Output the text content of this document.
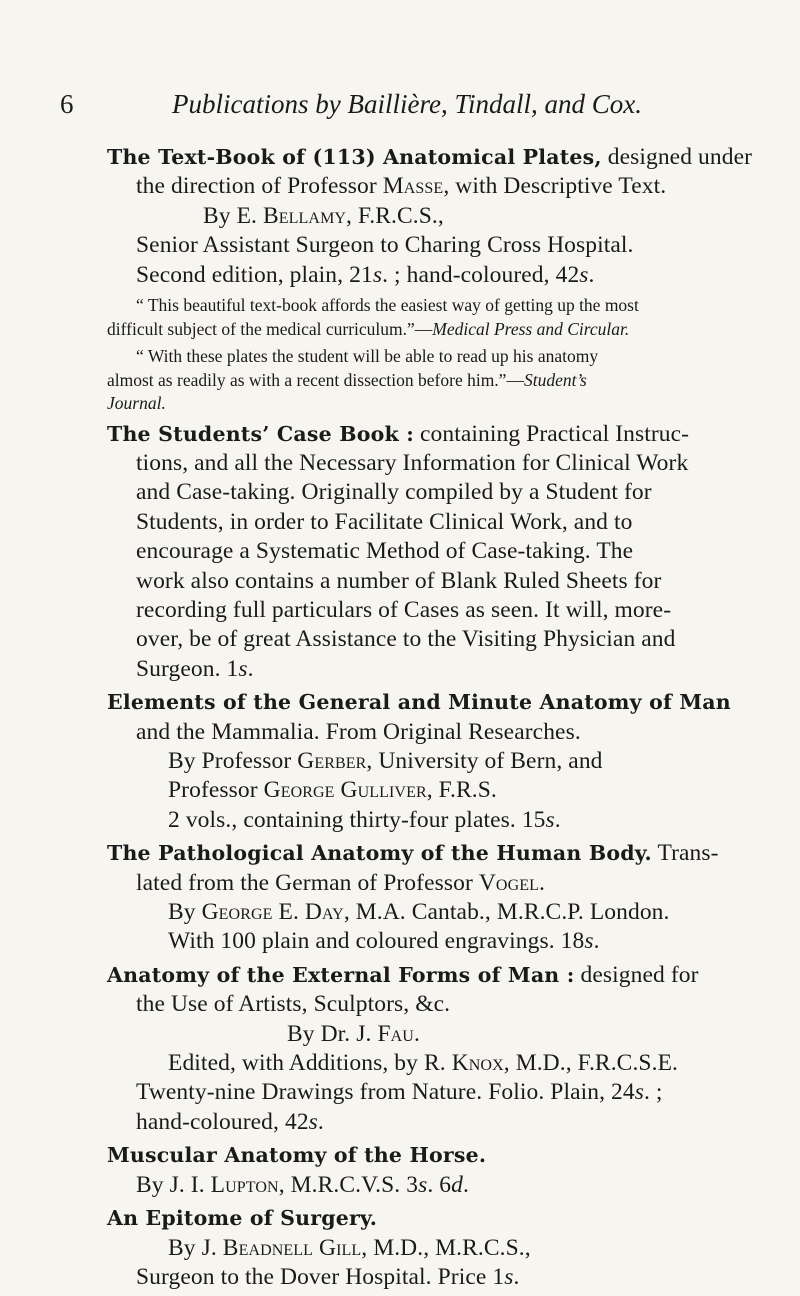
6	Publications by Baillière, Tindall, and Cox.
The Text-Book of (113) Anatomical Plates, designed under
the direction of Professor Masse, with Descriptive Text.
By E. Bellamy, F.R.C.S.,
Senior Assistant Surgeon to Charing Cross Hospital.
Second edition, plain, 21s. ; hand-coloured, 42s.
“ This beautiful text-book affords the easiest way of getting up the most
difficult subject of the medical curriculum.”—Medical Press and Circular.
“ With these plates the student will be able to read up his anatomy
almost as readily as with a recent dissection before him.”—Student’s
Journal.
The Students’ Case Book : containing Practical Instruc-
tions, and all the Necessary Information for Clinical Work
and Case-taking. Originally compiled by a Student for
Students, in order to Facilitate Clinical Work, and to
encourage a Systematic Method of Case-taking. The
work also contains a number of Blank Ruled Sheets for
recording full particulars of Cases as seen. It will, more-
over, be of great Assistance to the Visiting Physician and
Surgeon. 1s.
Elements of the General and Minute Anatomy of Man
and the Mammalia. From Original Researches.
By Professor Gerber, University of Bern, and
Professor George Gulliver, F.R.S.
2 vols., containing thirty-four plates. 15s.
The Pathological Anatomy of the Human Body. Trans-
lated from the German of Professor Vogel.
By George E. Day, M.A. Cantab., M.R.C.P. London.
With 100 plain and coloured engravings. 18s.
Anatomy of the External Forms of Man : designed for
the Use of Artists, Sculptors, &c.
By Dr. J. Fau.
Edited, with Additions, by R. Knox, M.D., F.R.C.S.E.
Twenty-nine Drawings from Nature. Folio. Plain, 24s. ;
hand-coloured, 42s.
Muscular Anatomy of the Horse.
By J. I. Lupton, M.R.C.V.S. 3s. 6d.
An Epitome of Surgery.
By J. Beadnell Gill, M.D., M.R.C.S.,
Surgeon to the Dover Hospital. Price 1s.
